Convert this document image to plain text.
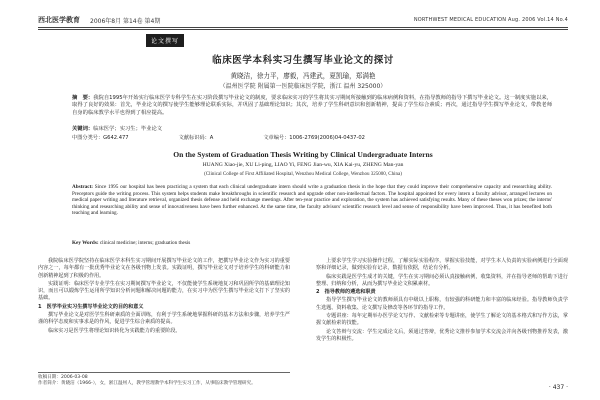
西北医学教育 2006年8月 第14卷 第4期	NORTHWEST MEDICAL EDUCATION Aug. 2006 Vol.14 No.4
论文撰写
临床医学本科实习生撰写毕业论文的探讨
黄晓洁，徐力平，廖毅，冯建武，夏凯瑜，郑满艳
（温州医学院 附属第一医院临床医学院，浙江 温州 325000）
摘　要：我院自1995年开始实行临床医学专科学生在实习阶段撰写毕业论文的制度，要求临床实习的学生将其实习期间所接触到的临床病例和资料，在指导教师的指导下撰写毕业论文。这一制度实施以来，取得了良好的效果：首先，毕业论文的撰写使学生能够理论联系实际，并巩固了基础理论知识；其次，培养了学生科研意识和创新精神，提高了学生综合素质；再次，通过指导学生撰写毕业论文，带教老师自身的临床教学水平也得到了相应提高。
关键词：临床医学；实习生；毕业论文
中图分类号：G642.477	文献标识码：A	文章编号：1006-2769(2006)04-0437-02
On the System of Graduation Thesis Writing by Clinical Undergraduate Interns
HUANG Xiao-jie, XU Li-ping, LIAO Yi, FENG Jian-wu, XIA Kai-yu, ZHENG Man-yan
(Clinical College of First Affiliated Hospital, Wenzhou Medical College, Wenzhou 325000, China)
Abstract: Since 1995 our hospital has been practicing a system that each clinical undergraduate intern should write a graduation thesis in the hope that they could improve their comprehensive capacity and researching ability. Preceptors guide the writing process. This system helps students make breakthroughs in scientific research and upgrade other non-intellectual factors. The hospital appointed for every intern a faculty advisor, arranged lectures on medical paper writing and literature retrieval, organized thesis defense and held exchange meetings. After ten-year practice and exploration, the system has achieved satisfying results. Many of these theses won prizes; the interns' thinking and researching ability and sense of innovativeness have been further enhanced. At the same time, the faculty advisors' scientific research level and sense of responsibility have been improved. Thus, it has benefited both teaching and learning.
Key Words: clinical medicine; interns; graduation thesis

我院临床医学院坚持在临床医学本科生实习期间开展撰写毕业论文的工作，把撰写毕业论文作为实习的重要内容之一，每年都有一批优秀毕业论文在各级刊物上发表。实践证明，撰写毕业论文对于培养学生的科研能力和创新精神起到了积极的作用。

实践证明：临床医学专业学生在实习期间撰写毕业论文，不仅能使学生系统地复习和巩固所学的基础理论知识，而且可以锻炼学生运用所学知识分析问题和解决问题的能力，在实习中为医学生撰写毕业论文打下了坚实的基础。

1　医学毕业实习生撰写毕业论文的目的和意义

撰写毕业论文是对医学生科研素质的全面训练，有利于学生系统地掌握科研的基本方法和步骤，培养学生严谨的科学态度和实事求是的作风，促进学生综合素质的提高。

临床实习是医学生将理论知识转化为实践能力的重要阶段。

上要求学生学习实验操作过程，了解实际实验程序，掌握实验技能，对学生本人负责的实验病例进行全面观察和详细记录，做到实验有记录，数据有依据，结论有分析。

临床实践是医学生成才的关键，学生在实习期间必须认真接触病例，收集资料，并在指导老师的帮助下进行整理、归纳和分析，从而为撰写毕业论文积累素材。

2　指导教师的遴选和职责

指导学生撰写毕业论文的教师须具有中级以上职称，有较强的科研能力和丰富的临床经验。指导教师负责学生选题、资料收集、论文撰写及修改等各环节的指导工作。

专题讲座：每年定期举办医学论文写作、文献检索等专题讲座，使学生了解论文的基本格式和写作方法，掌握文献检索的技能。

论文答辩与交流：学生完成论文后，须通过答辩，优秀论文推荐参加学术交流会并向各级刊物推荐发表，激发学生的积极性。

收稿日期：2006-03-08
作者简介：黄晓洁（1966-），女，浙江温州人，教学管理教学本科学生实习工作，从事临床教学管理研究。
· 437 ·
